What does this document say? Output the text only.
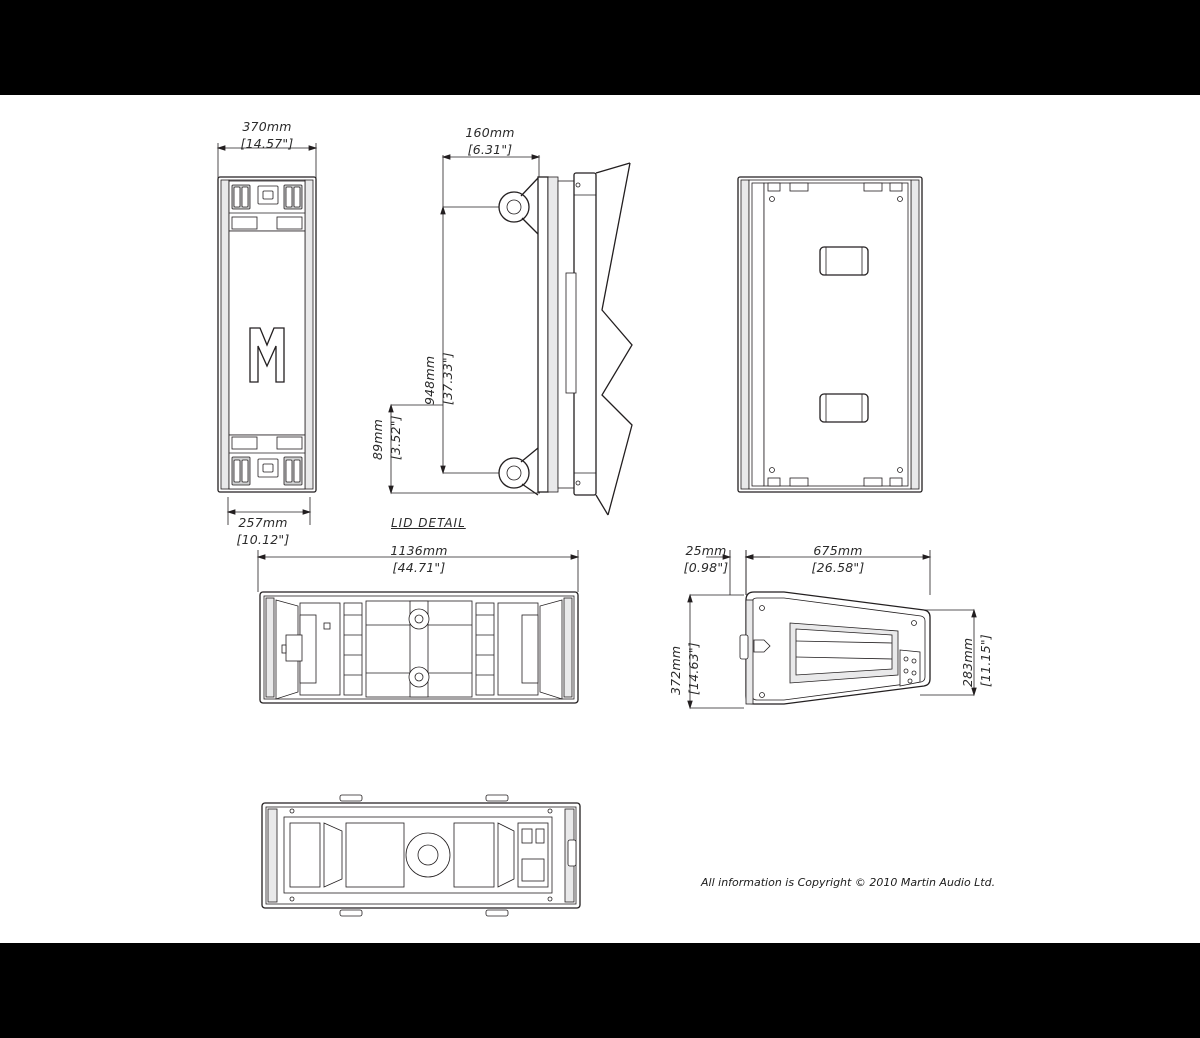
370mm
[14.57"]
257mm
[10.12"]
160mm
[6.31"]
948mm [37.33"]
89mm [3.52"]
LID DETAIL
1136mm
[44.71"]
25mm
[0.98"]
675mm
[26.58"]
372mm [14.63"]	283mm [11.15"]
All information is Copyright © 2010 Martin Audio Ltd.
